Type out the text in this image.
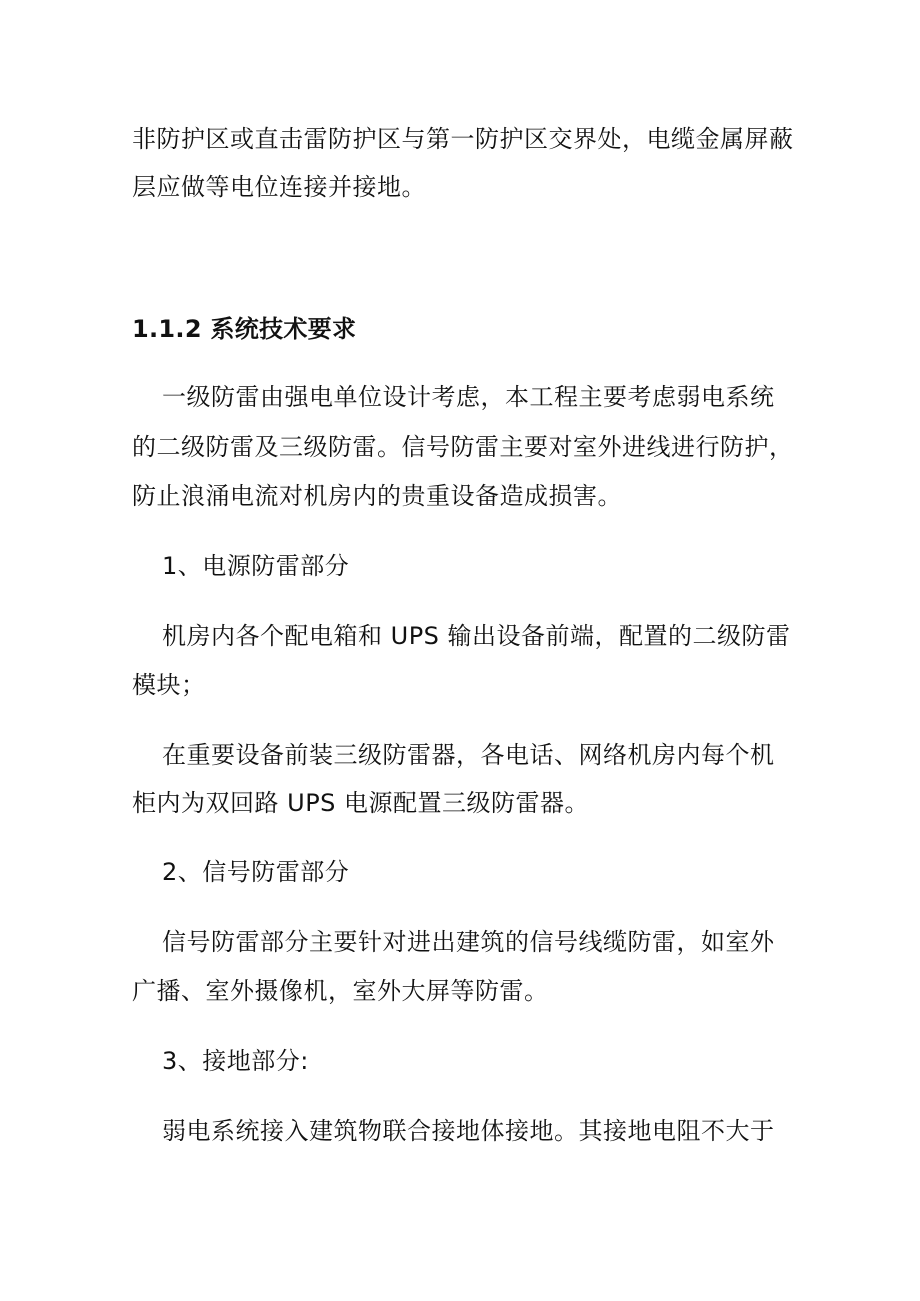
非防护区或直击雷防护区与第一防护区交界处，电缆金属屏蔽
层应做等电位连接并接地。
1.1.2 系统技术要求
一级防雷由强电单位设计考虑，本工程主要考虑弱电系统
的二级防雷及三级防雷。信号防雷主要对室外进线进行防护，
防止浪涌电流对机房内的贵重设备造成损害。
1、电源防雷部分
机房内各个配电箱和 UPS 输出设备前端，配置的二级防雷
模块；
在重要设备前装三级防雷器，各电话、网络机房内每个机
柜内为双回路 UPS 电源配置三级防雷器。
2、信号防雷部分
信号防雷部分主要针对进出建筑的信号线缆防雷，如室外
广播、室外摄像机，室外大屏等防雷。
3、接地部分:
弱电系统接入建筑物联合接地体接地。其接地电阻不大于
